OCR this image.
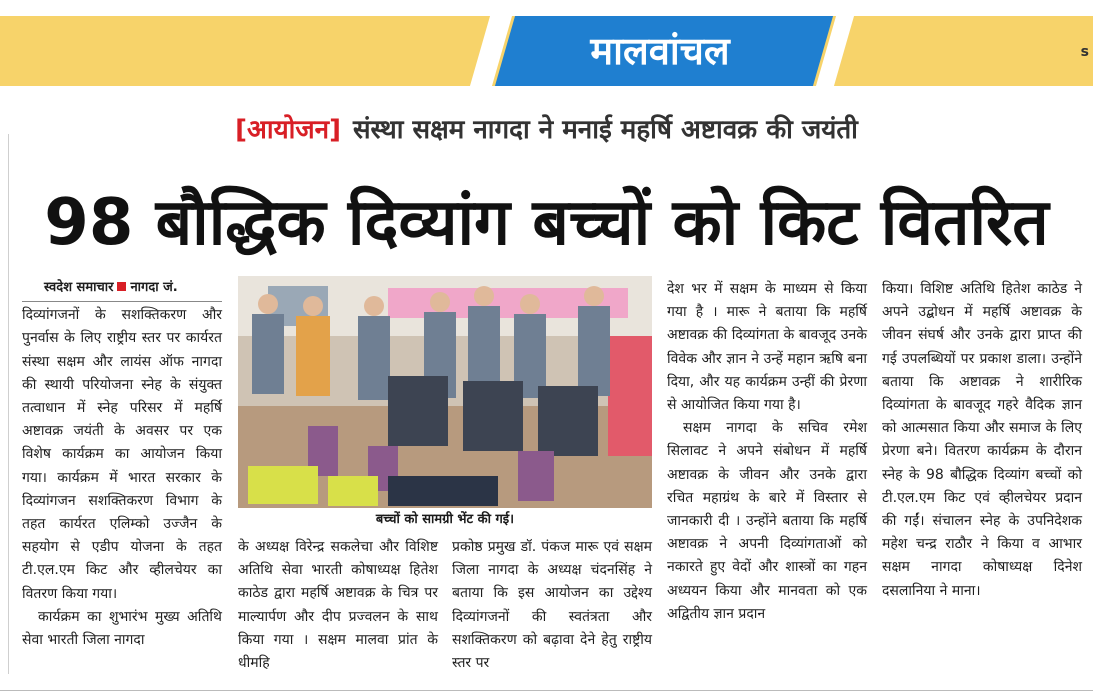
मालवांचल	s
[आयोजन] संस्था सक्षम नागदा ने मनाई महर्षि अष्टावक्र की जयंती
98 बौद्धिक दिव्यांग बच्चों को किट वितरित
स्वदेश समाचार नागदा जं.

दिव्यांगजनों के सशक्तिकरण और पुनर्वास के लिए राष्ट्रीय स्तर पर कार्यरत संस्था सक्षम और लायंस ऑफ नागदा की स्थायी परियोजना स्नेह के संयुक्त तत्वाधान में स्नेह परिसर में महर्षि अष्टावक्र जयंती के अवसर पर एक विशेष कार्यक्रम का आयोजन किया गया। कार्यक्रम में भारत सरकार के दिव्यांगजन सशक्तिकरण विभाग के तहत कार्यरत एलिम्को उज्जैन के सहयोग से एडीप योजना के तहत टी.एल.एम किट और व्हीलचेयर का वितरण किया गया।

कार्यक्रम का शुभारंभ मुख्य अतिथि सेवा भारती जिला नागदा

बच्चों को सामग्री भेंट की गई।

के अध्यक्ष विरेन्द्र सकलेचा और विशिष्ट अतिथि सेवा भारती कोषाध्यक्ष हितेश काठेड द्वारा महर्षि अष्टावक्र के चित्र पर माल्यार्पण और दीप प्रज्वलन के साथ किया गया । सक्षम मालवा प्रांत के धीमहि

प्रकोष्ठ प्रमुख डॉ. पंकज मारू एवं सक्षम जिला नागदा के अध्यक्ष चंदनसिंह ने बताया कि इस आयोजन का उद्देश्य दिव्यांगजनों की स्वतंत्रता और सशक्तिकरण को बढ़ावा देने हेतु राष्ट्रीय स्तर पर

देश भर में सक्षम के माध्यम से किया गया है । मारू ने बताया कि महर्षि अष्टावक्र की दिव्यांगता के बावजूद उनके विवेक और ज्ञान ने उन्हें महान ऋषि बना दिया, और यह कार्यक्रम उन्हीं की प्रेरणा से आयोजित किया गया है।

सक्षम नागदा के सचिव रमेश सिलावट ने अपने संबोधन में महर्षि अष्टावक्र के जीवन और उनके द्वारा रचित महाग्रंथ के बारे में विस्तार से जानकारी दी । उन्होंने बताया कि महर्षि अष्टावक्र ने अपनी दिव्यांगताओं को नकारते हुए वेदों और शास्त्रों का गहन अध्ययन किया और मानवता को एक अद्वितीय ज्ञान प्रदान

किया। विशिष्ट अतिथि हितेश काठेड ने अपने उद्बोधन में महर्षि अष्टावक्र के जीवन संघर्ष और उनके द्वारा प्राप्त की गई उपलब्धियों पर प्रकाश डाला। उन्होंने बताया कि अष्टावक्र ने शारीरिक दिव्यांगता के बावजूद गहरे वैदिक ज्ञान को आत्मसात किया और समाज के लिए प्रेरणा बने। वितरण कार्यक्रम के दौरान स्नेह के 98 बौद्धिक दिव्यांग बच्चों को टी.एल.एम किट एवं व्हीलचेयर प्रदान की गईं। संचालन स्नेह के उपनिदेशक महेश चन्द्र राठौर ने किया व आभार सक्षम नागदा कोषाध्यक्ष दिनेश दसलानिया ने माना।
